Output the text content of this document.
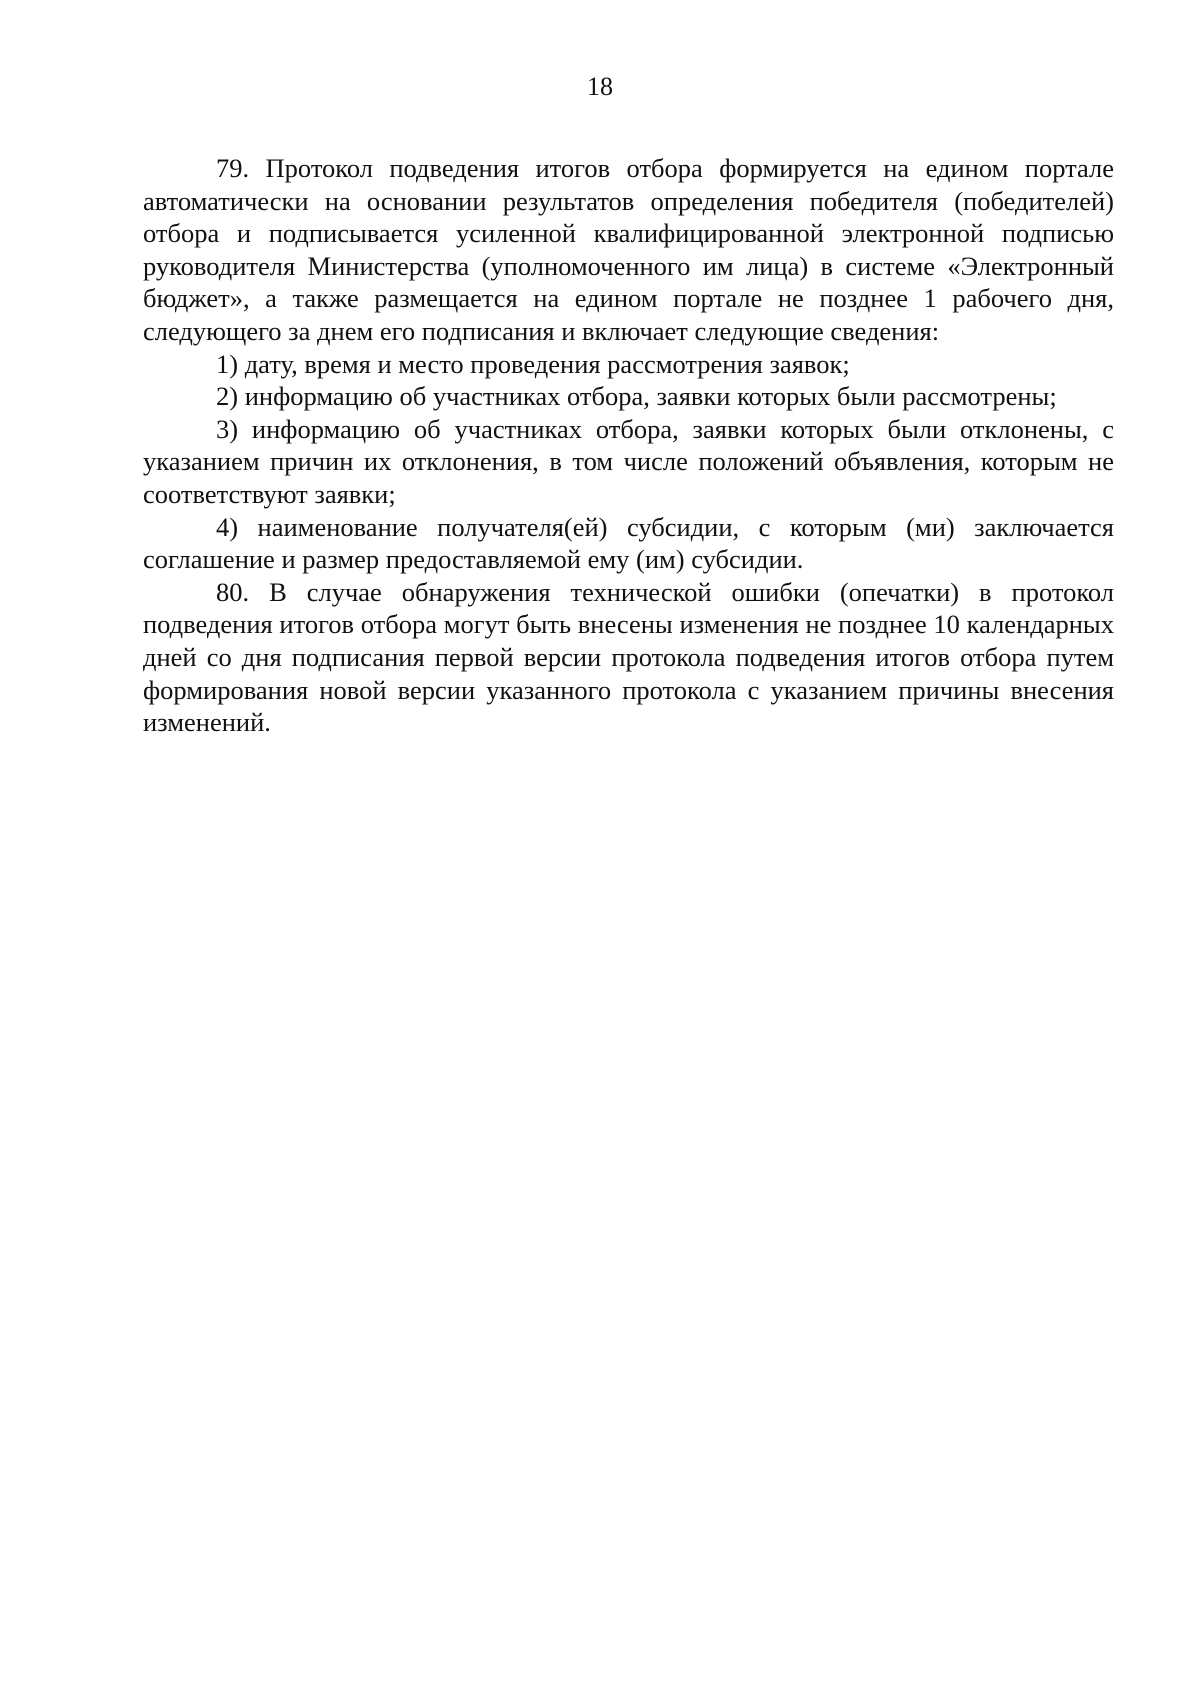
18

79. Протокол подведения итогов отбора формируется на едином портале автоматически на основании результатов определения победителя (победителей) отбора и подписывается усиленной квалифицированной электронной подписью руководителя Министерства (уполномоченного им лица) в системе «Электронный бюджет», а также размещается на едином портале не позднее 1 рабочего дня, следующего за днем его подписания и включает следующие сведения:

1) дату, время и место проведения рассмотрения заявок;

2) информацию об участниках отбора, заявки которых были рассмотрены;

3) информацию об участниках отбора, заявки которых были отклонены, с указанием причин их отклонения, в том числе положений объявления, которым не соответствуют заявки;

4) наименование получателя(ей) субсидии, с которым (ми) заключается соглашение и размер предоставляемой ему (им) субсидии.

80. В случае обнаружения технической ошибки (опечатки) в протокол подведения итогов отбора могут быть внесены изменения не позднее 10 календарных дней со дня подписания первой версии протокола подведения итогов отбора путем формирования новой версии указанного протокола с указанием причины внесения изменений.
